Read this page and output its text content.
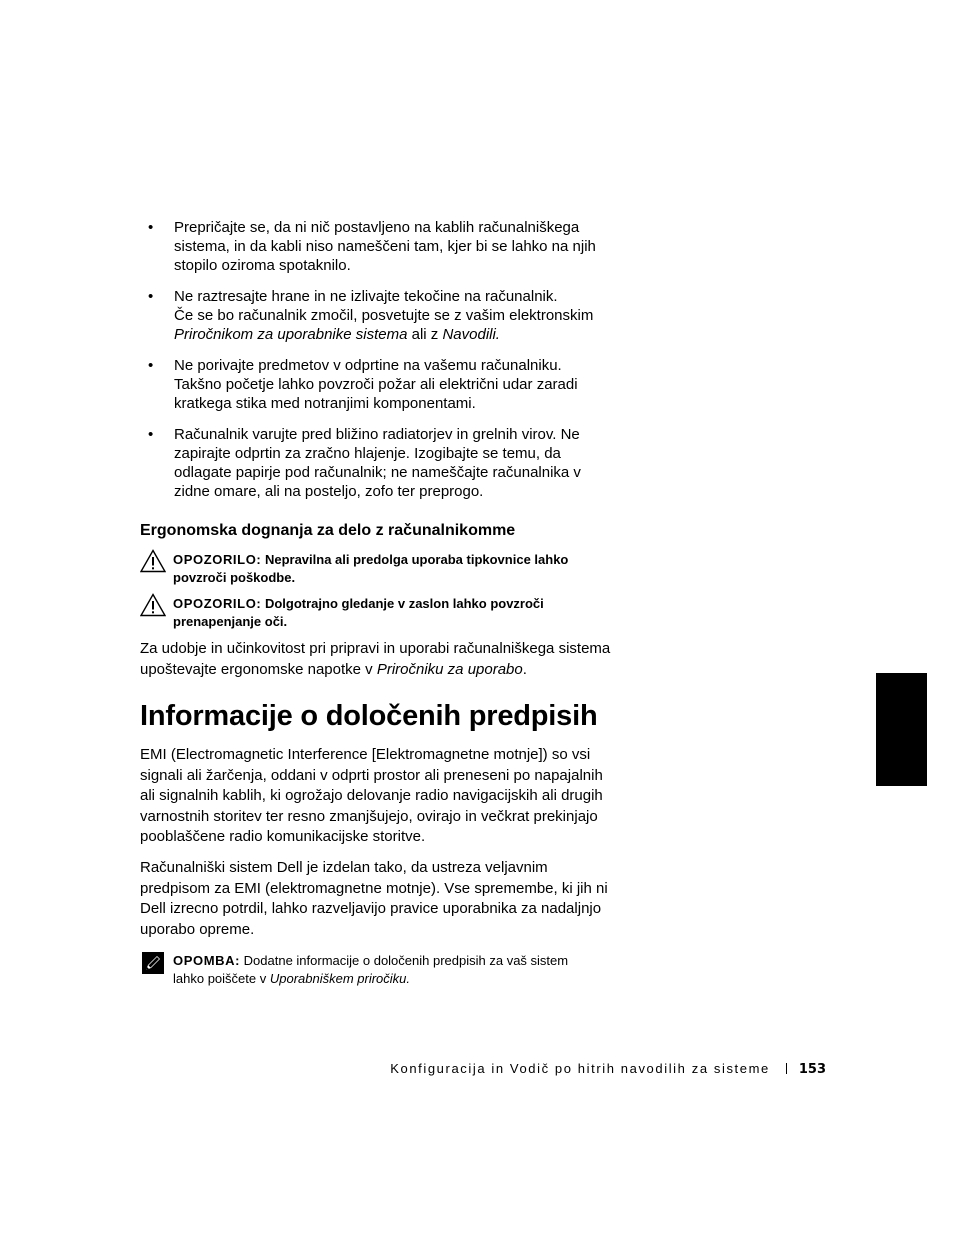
• Prepričajte se, da ni nič postavljeno na kablih računalniškega
sistema, in da kabli niso nameščeni tam, kjer bi se lahko na njih
stopilo oziroma spotaknilo.
• Ne raztresajte hrane in ne izlivajte tekočine na računalnik.
Če se bo računalnik zmočil, posvetujte se z vašim elektronskim
Priročnikom za uporabnike sistema ali z Navodili.
• Ne porivajte predmetov v odprtine na vašemu računalniku.
Takšno početje lahko povzroči požar ali električni udar zaradi
kratkega stika med notranjimi komponentami.
• Računalnik varujte pred bližino radiatorjev in grelnih virov. Ne
zapirajte odprtin za zračno hlajenje. Izogibajte se temu, da
odlagate papirje pod računalnik; ne nameščajte računalnika v
zidne omare, ali na posteljo, zofo ter preprogo.
Ergonomska dognanja za delo z računalnikomme
OPOZORILO: Nepravilna ali predolga uporaba tipkovnice lahko
povzroči poškodbe.
OPOZORILO: Dolgotrajno gledanje v zaslon lahko povzroči
prenapenjanje oči.
Za udobje in učinkovitost pri pripravi in uporabi računalniškega sistema
upoštevajte ergonomske napotke v Priročniku za uporabo.
Informacije o določenih predpisih
EMI (Electromagnetic Interference [Elektromagnetne motnje]) so vsi
signali ali žarčenja, oddani v odprti prostor ali preneseni po napajalnih
ali signalnih kablih, ki ogrožajo delovanje radio navigacijskih ali drugih
varnostnih storitev ter resno zmanjšujejo, ovirajo in večkrat prekinjajo
pooblaščene radio komunikacijske storitve.
Računalniški sistem Dell je izdelan tako, da ustreza veljavnim
predpisom za EMI (elektromagnetne motnje). Vse spremembe, ki jih ni
Dell izrecno potrdil, lahko razveljavijo pravice uporabnika za nadaljnjo
uporabo opreme.
OPOMBA: Dodatne informacije o določenih predpisih za vaš sistem
lahko poiščete v Uporabniškem priročiku.
Konfiguracija in Vodič po hitrih navodilih za sisteme 153
